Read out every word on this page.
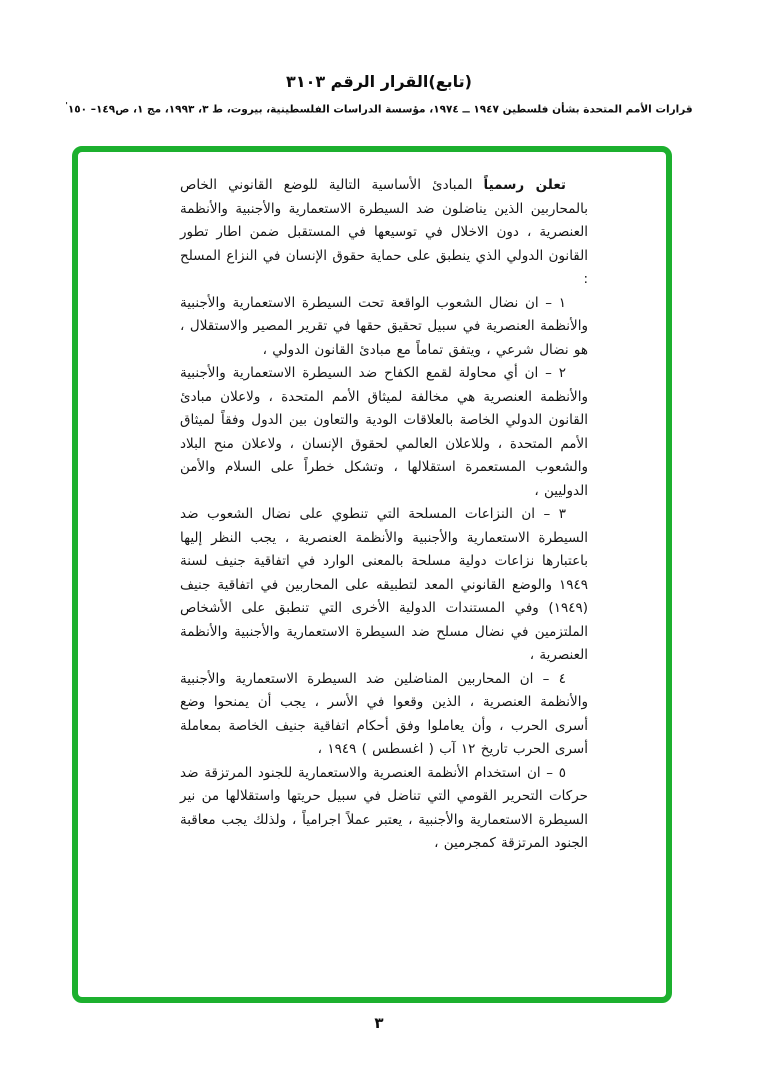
(تابع)القرار الرقم ٣١٠٣
قرارات الأمم المتحدة بشأن فلسطين ١٩٤٧ ــ ١٩٧٤، مؤسسة الدراسات الفلسطينية، بيروت، ط ٣، ١٩٩٣، مج ١، ص١٤٩– ١٥٠'

تعلن رسمياً المبادئ الأساسية التالية للوضع القانوني الخاص بالمحاربين الذين يناضلون ضد السيطرة الاستعمارية والأجنبية والأنظمة العنصرية ، دون الاخلال في توسيعها في المستقبل ضمن اطار تطور القانون الدولي الذي ينطبق على حماية حقوق الإنسان في النزاع المسلح :

١ – ان نضال الشعوب الواقعة تحت السيطرة الاستعمارية والأجنبية والأنظمة العنصرية في سبيل تحقيق حقها في تقرير المصير والاستقلال ، هو نضال شرعي ، ويتفق تماماً مع مبادئ القانون الدولي ،

٢ – ان أي محاولة لقمع الكفاح ضد السيطرة الاستعمارية والأجنبية والأنظمة العنصرية هي مخالفة لميثاق الأمم المتحدة ، ولاعلان مبادئ القانون الدولي الخاصة بالعلاقات الودية والتعاون بين الدول وفقاً لميثاق الأمم المتحدة ، وللاعلان العالمي لحقوق الإنسان ، ولاعلان منح البلاد والشعوب المستعمرة استقلالها ، وتشكل خطراً على السلام والأمن الدوليين ،

٣ – ان النزاعات المسلحة التي تنطوي على نضال الشعوب ضد السيطرة الاستعمارية والأجنبية والأنظمة العنصرية ، يجب النظر إليها باعتبارها نزاعات دولية مسلحة بالمعنى الوارد في اتفاقية جنيف لسنة ١٩٤٩ والوضع القانوني المعد لتطبيقه على المحاربين في اتفاقية جنيف (١٩٤٩) وفي المستندات الدولية الأخرى التي تنطبق على الأشخاص الملتزمين في نضال مسلح ضد السيطرة الاستعمارية والأجنبية والأنظمة العنصرية ،

٤ – ان المحاربين المناضلين ضد السيطرة الاستعمارية والأجنبية والأنظمة العنصرية ، الذين وقعوا في الأسر ، يجب أن يمنحوا وضع أسرى الحرب ، وأن يعاملوا وفق أحكام اتفاقية جنيف الخاصة بمعاملة أسرى الحرب تاريخ ١٢ آب ( اغسطس ) ١٩٤٩ ،

٥ – ان استخدام الأنظمة العنصرية والاستعمارية للجنود المرتزقة ضد حركات التحرير القومي التي تناضل في سبيل حريتها واستقلالها من نير السيطرة الاستعمارية والأجنبية ، يعتبر عملاً اجرامياً ، ولذلك يجب معاقبة الجنود المرتزقة كمجرمين ،

٣
